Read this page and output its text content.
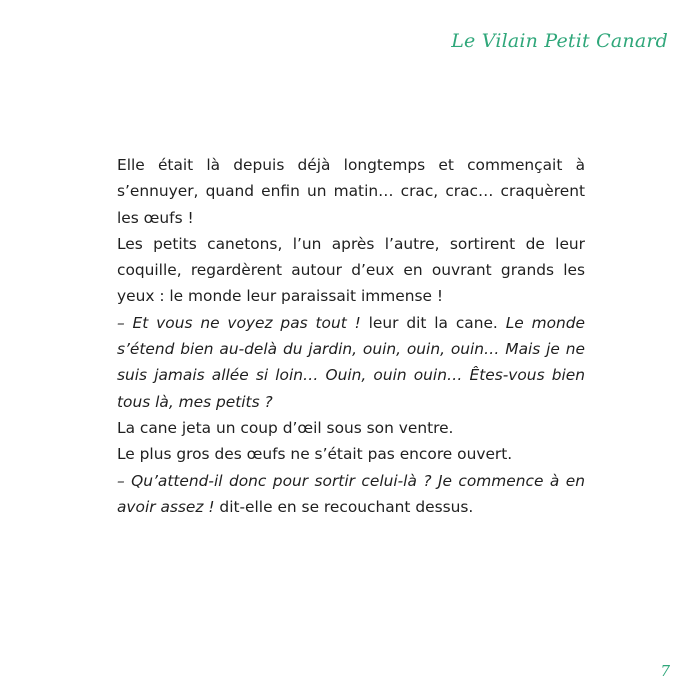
Le Vilain Petit Canard

Elle était là depuis déjà longtemps et commençait à s’ennuyer, quand enfin un matin… crac, crac… craquèrent les œufs !

Les petits canetons, l’un après l’autre, sortirent de leur coquille, regardèrent autour d’eux en ouvrant grands les yeux : le monde leur paraissait immense !

– Et vous ne voyez pas tout ! leur dit la cane. Le monde s’étend bien au-delà du jardin, ouin, ouin, ouin… Mais je ne suis jamais allée si loin… Ouin, ouin ouin… Êtes-vous bien tous là, mes petits ?

La cane jeta un coup d’œil sous son ventre.

Le plus gros des œufs ne s’était pas encore ouvert.

– Qu’attend-il donc pour sortir celui-là ? Je commence à en avoir assez ! dit-elle en se recouchant dessus.

7
